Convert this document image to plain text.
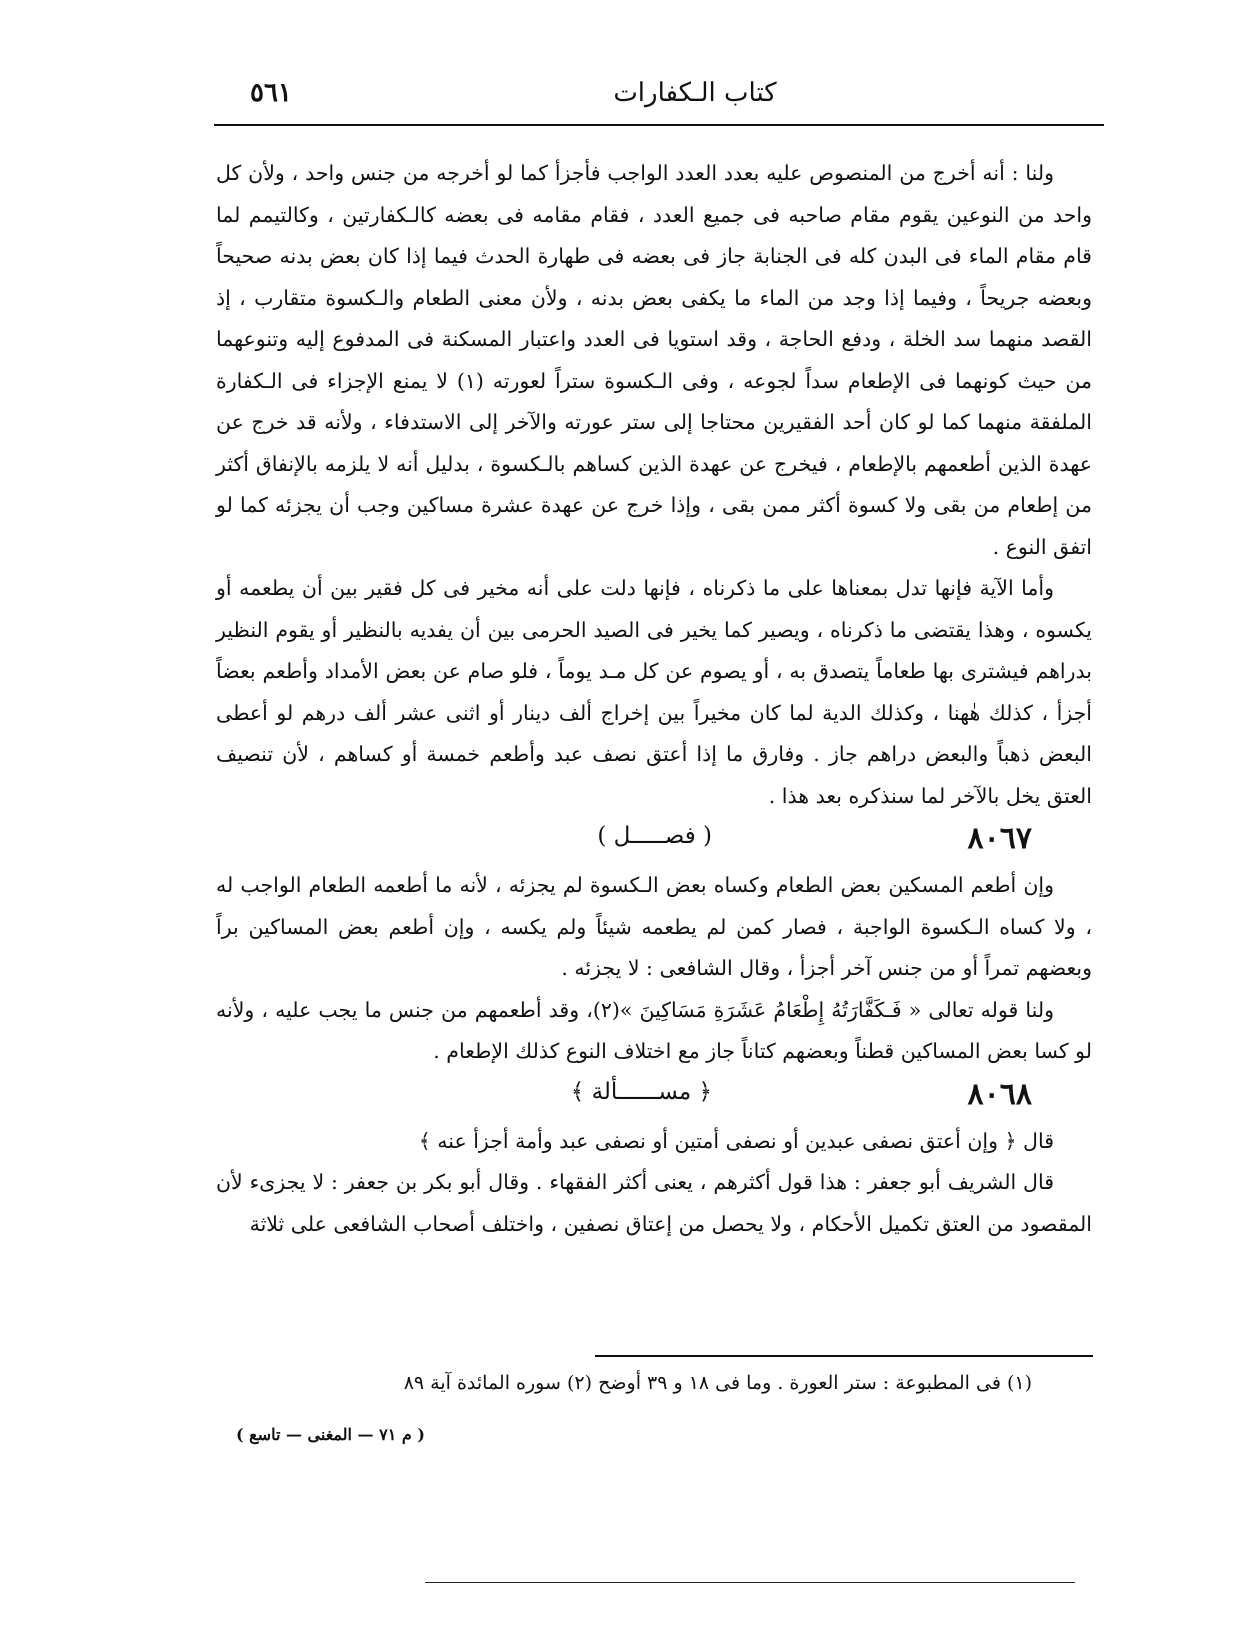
٥٦١	كتاب الـكفارات

ولنا : أنه أخرج من المنصوص عليه بعدد العدد الواجب فأجزأ كما لو أخرجه من جنس واحد ، ولأن كل واحد من النوعين يقوم مقام صاحبه فى جميع العدد ، فقام مقامه فى بعضه كالـكفارتين ، وكالتيمم لما قام مقام الماء فى البدن كله فى الجنابة جاز فى بعضه فى طهارة الحدث فيما إذا كان بعض بدنه صحيحاً وبعضه جريحاً ، وفيما إذا وجد من الماء ما يكفى بعض بدنه ، ولأن معنى الطعام والـكسوة متقارب ، إذ القصد منهما سد الخلة ، ودفع الحاجة ، وقد استويا فى العدد واعتبار المسكنة فى المدفوع إليه وتنوعهما من حيث كونهما فى الإطعام سداً لجوعه ، وفى الـكسوة ستراً لعورته (١) لا يمنع الإجزاء فى الـكفارة الملفقة منهما كما لو كان أحد الفقيرين محتاجا إلى ستر عورته والآخر إلى الاستدفاء ، ولأنه قد خرج عن عهدة الذين أطعمهم بالإطعام ، فيخرج عن عهدة الذين كساهم بالـكسوة ، بدليل أنه لا يلزمه بالإنفاق أكثر من إطعام من بقى ولا كسوة أكثر ممن بقى ، وإذا خرج عن عهدة عشرة مساكين وجب أن يجزئه كما لو اتفق النوع .

وأما الآية فإنها تدل بمعناها على ما ذكرناه ، فإنها دلت على أنه مخير فى كل فقير بين أن يطعمه أو يكسوه ، وهذا يقتضى ما ذكرناه ، ويصير كما يخير فى الصيد الحرمى بين أن يفديه بالنظير أو يقوم النظير بدراهم فيشترى بها طعاماً يتصدق به ، أو يصوم عن كل مـد يوماً ، فلو صام عن بعض الأمداد وأطعم بعضاً أجزأ ، كذلك هٰهنا ، وكذلك الدية لما كان مخيراً بين إخراج ألف دينار أو اثنى عشر ألف درهم لو أعطى البعض ذهباً والبعض دراهم جاز . وفارق ما إذا أعتق نصف عبد وأطعم خمسة أو كساهم ، لأن تنصيف العتق يخل بالآخر لما سنذكره بعد هذا .

٨٠٦٧
( فصـــــل )

وإن أطعم المسكين بعض الطعام وكساه بعض الـكسوة لم يجزئه ، لأنه ما أطعمه الطعام الواجب له ، ولا كساه الـكسوة الواجبة ، فصار كمن لم يطعمه شيئاً ولم يكسه ، وإن أطعم بعض المساكين براً وبعضهم تمراً أو من جنس آخر أجزأ ، وقال الشافعى : لا يجزئه .

ولنا قوله تعالى « فَـكَفَّارَتُهُ إِطْعَامُ عَشَرَةِ مَسَاكِينَ »(٢)، وقد أطعمهم من جنس ما يجب عليه ، ولأنه لو كسا بعض المساكين قطناً وبعضهم كتاناً جاز مع اختلاف النوع كذلك الإطعام .

٨٠٦٨
﴿ مســــــألة ﴾

قال ﴿ وإن أعتق نصفى عبدين أو نصفى أمتين أو نصفى عبد وأمة أجزأ عنه ﴾

قال الشريف أبو جعفر : هذا قول أكثرهم ، يعنى أكثر الفقهاء . وقال أبو بكر بن جعفر : لا يجزىء لأن المقصود من العتق تكميل الأحكام ، ولا يحصل من إعتاق نصفين ، واختلف أصحاب الشافعى على ثلاثة

(١) فى المطبوعة : ستر العورة . وما فى ١٨ و ٣٩ أوضح
(٢) سوره المائدة آية ٨٩
( م ٧١ — المغنى — تاسع )
